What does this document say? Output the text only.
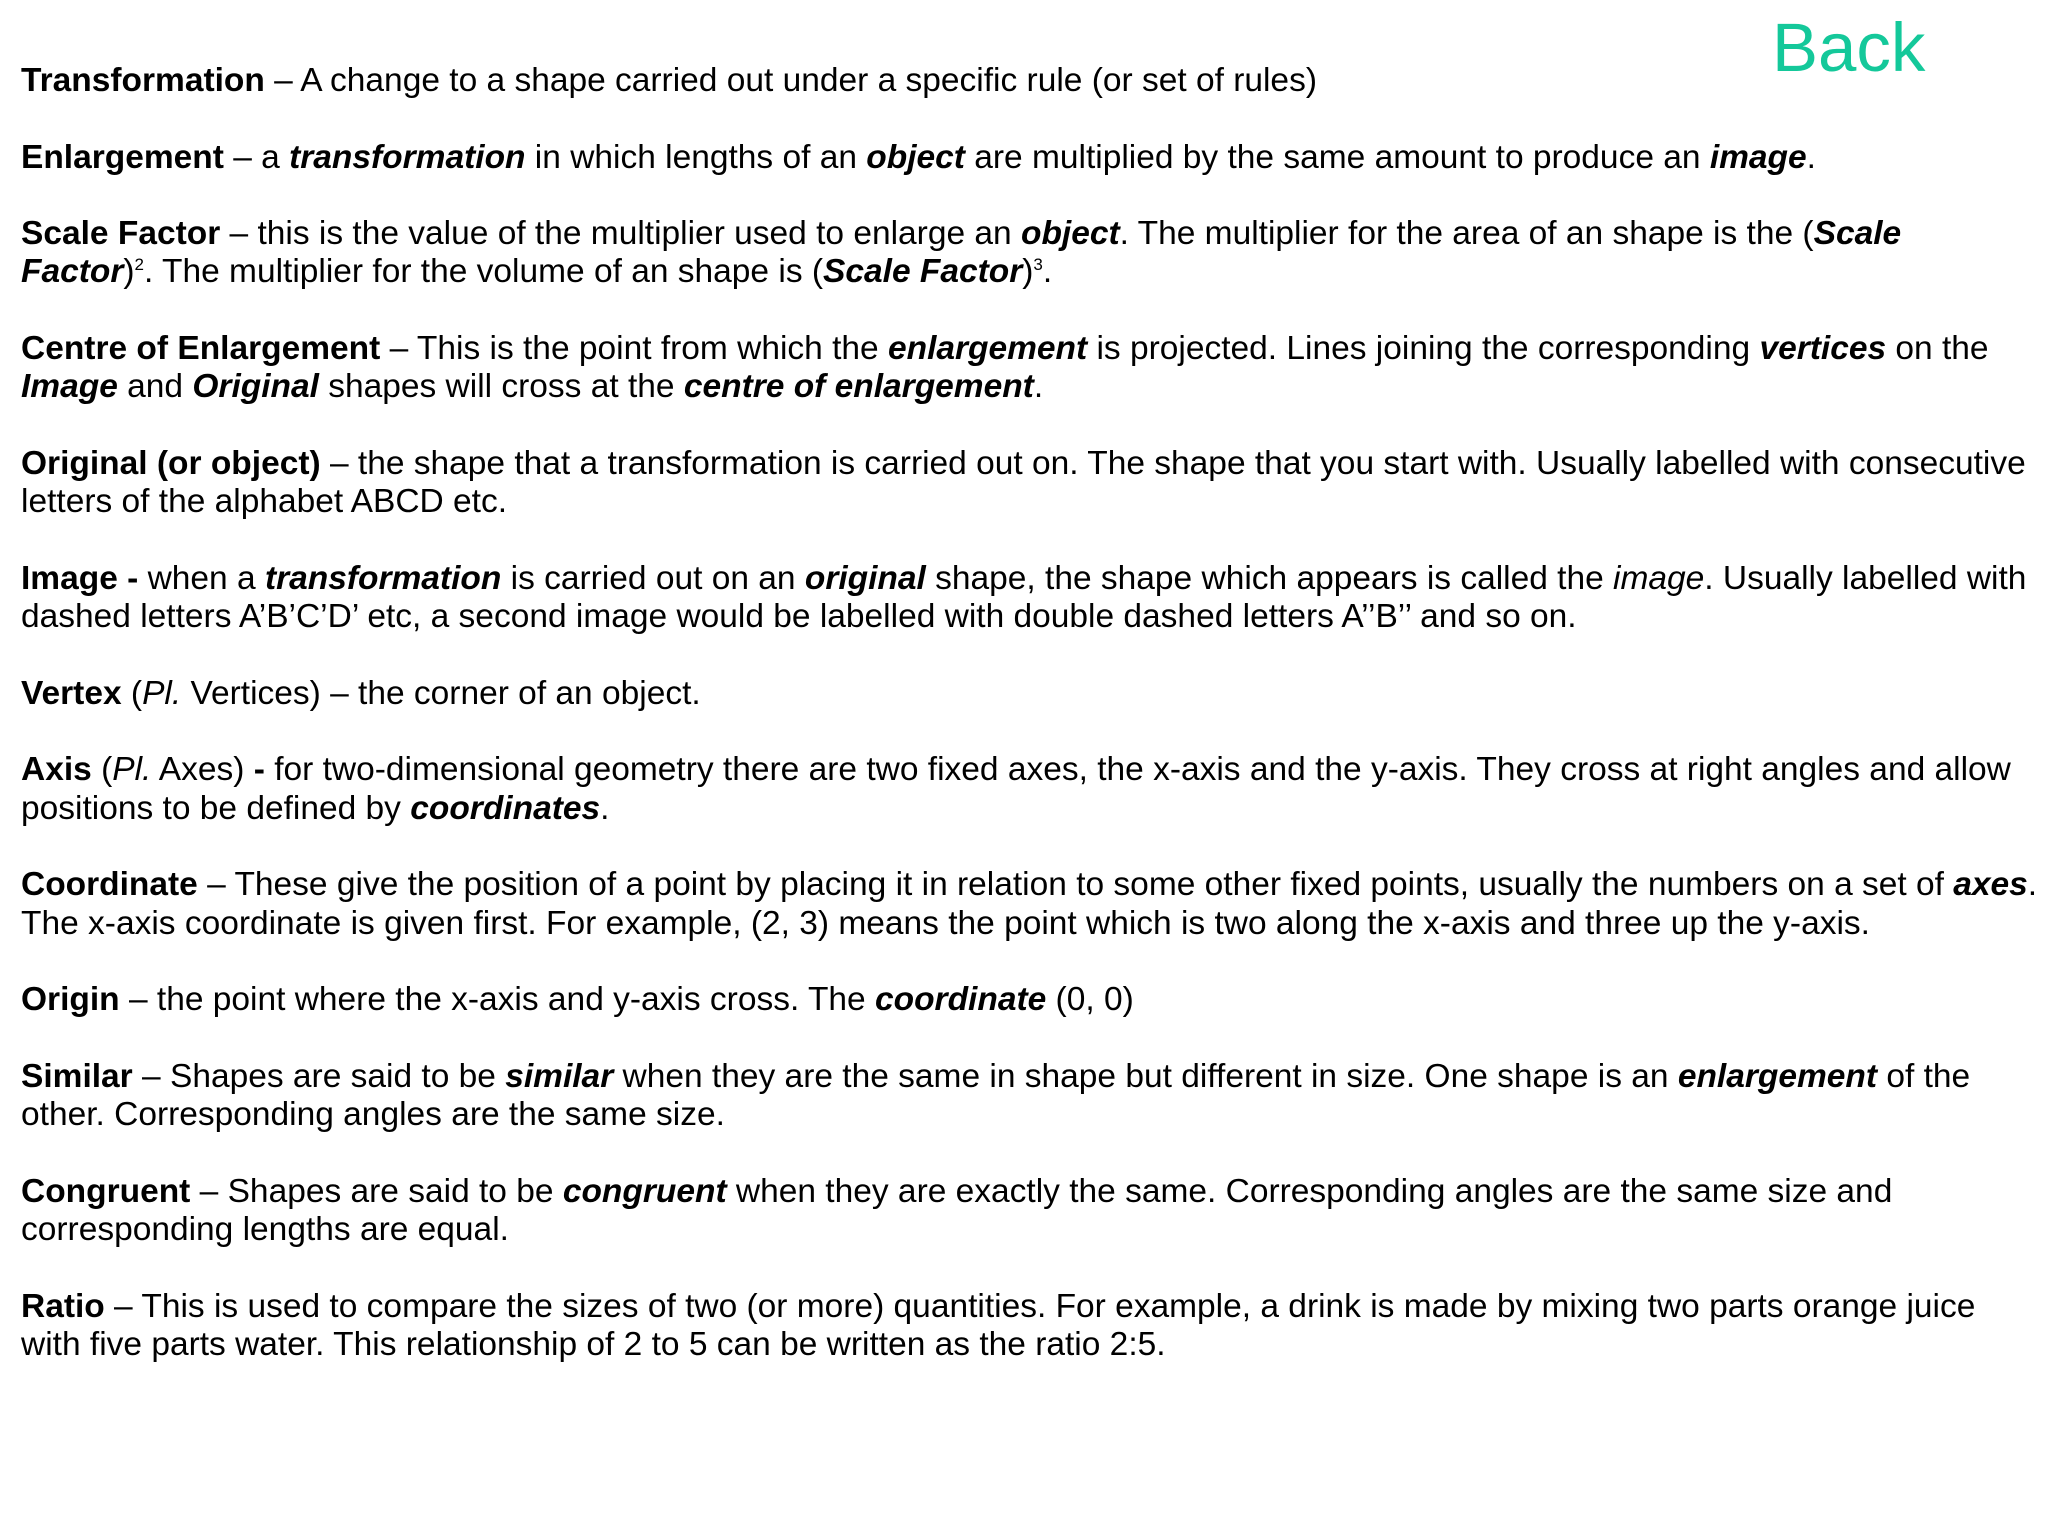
Back

Transformation – A change to a shape carried out under a specific rule (or set of rules)

Enlargement – a transformation in which lengths of an object are multiplied by the same amount to produce an image.

Scale Factor – this is the value of the multiplier used to enlarge an object. The multiplier for the area of an shape is the (Scale Factor)$^2$. The multiplier for the volume of an shape is (Scale Factor)$^3$.

Centre of Enlargement – This is the point from which the enlargement is projected. Lines joining the corresponding vertices on the Image and Original shapes will cross at the centre of enlargement.

Original (or object) – the shape that a transformation is carried out on. The shape that you start with. Usually labelled with consecutive letters of the alphabet ABCD etc.

Image - when a transformation is carried out on an original shape, the shape which appears is called the image. Usually labelled with dashed letters A’B’C’D’ etc, a second image would be labelled with double dashed letters A’’B’’ and so on.

Vertex (Pl. Vertices) – the corner of an object.

Axis (Pl. Axes) - for two-dimensional geometry there are two fixed axes, the x-axis and the y-axis. They cross at right angles and allow positions to be defined by coordinates.

Coordinate – These give the position of a point by placing it in relation to some other fixed points, usually the numbers on a set of axes. The x-axis coordinate is given first. For example, (2, 3) means the point which is two along the x-axis and three up the y-axis.

Origin – the point where the x-axis and y-axis cross. The coordinate (0, 0)

Similar – Shapes are said to be similar when they are the same in shape but different in size. One shape is an enlargement of the other. Corresponding angles are the same size.

Congruent – Shapes are said to be congruent when they are exactly the same. Corresponding angles are the same size and corresponding lengths are equal.

Ratio – This is used to compare the sizes of two (or more) quantities. For example, a drink is made by mixing two parts orange juice with five parts water. This relationship of 2 to 5 can be written as the ratio 2:5.
